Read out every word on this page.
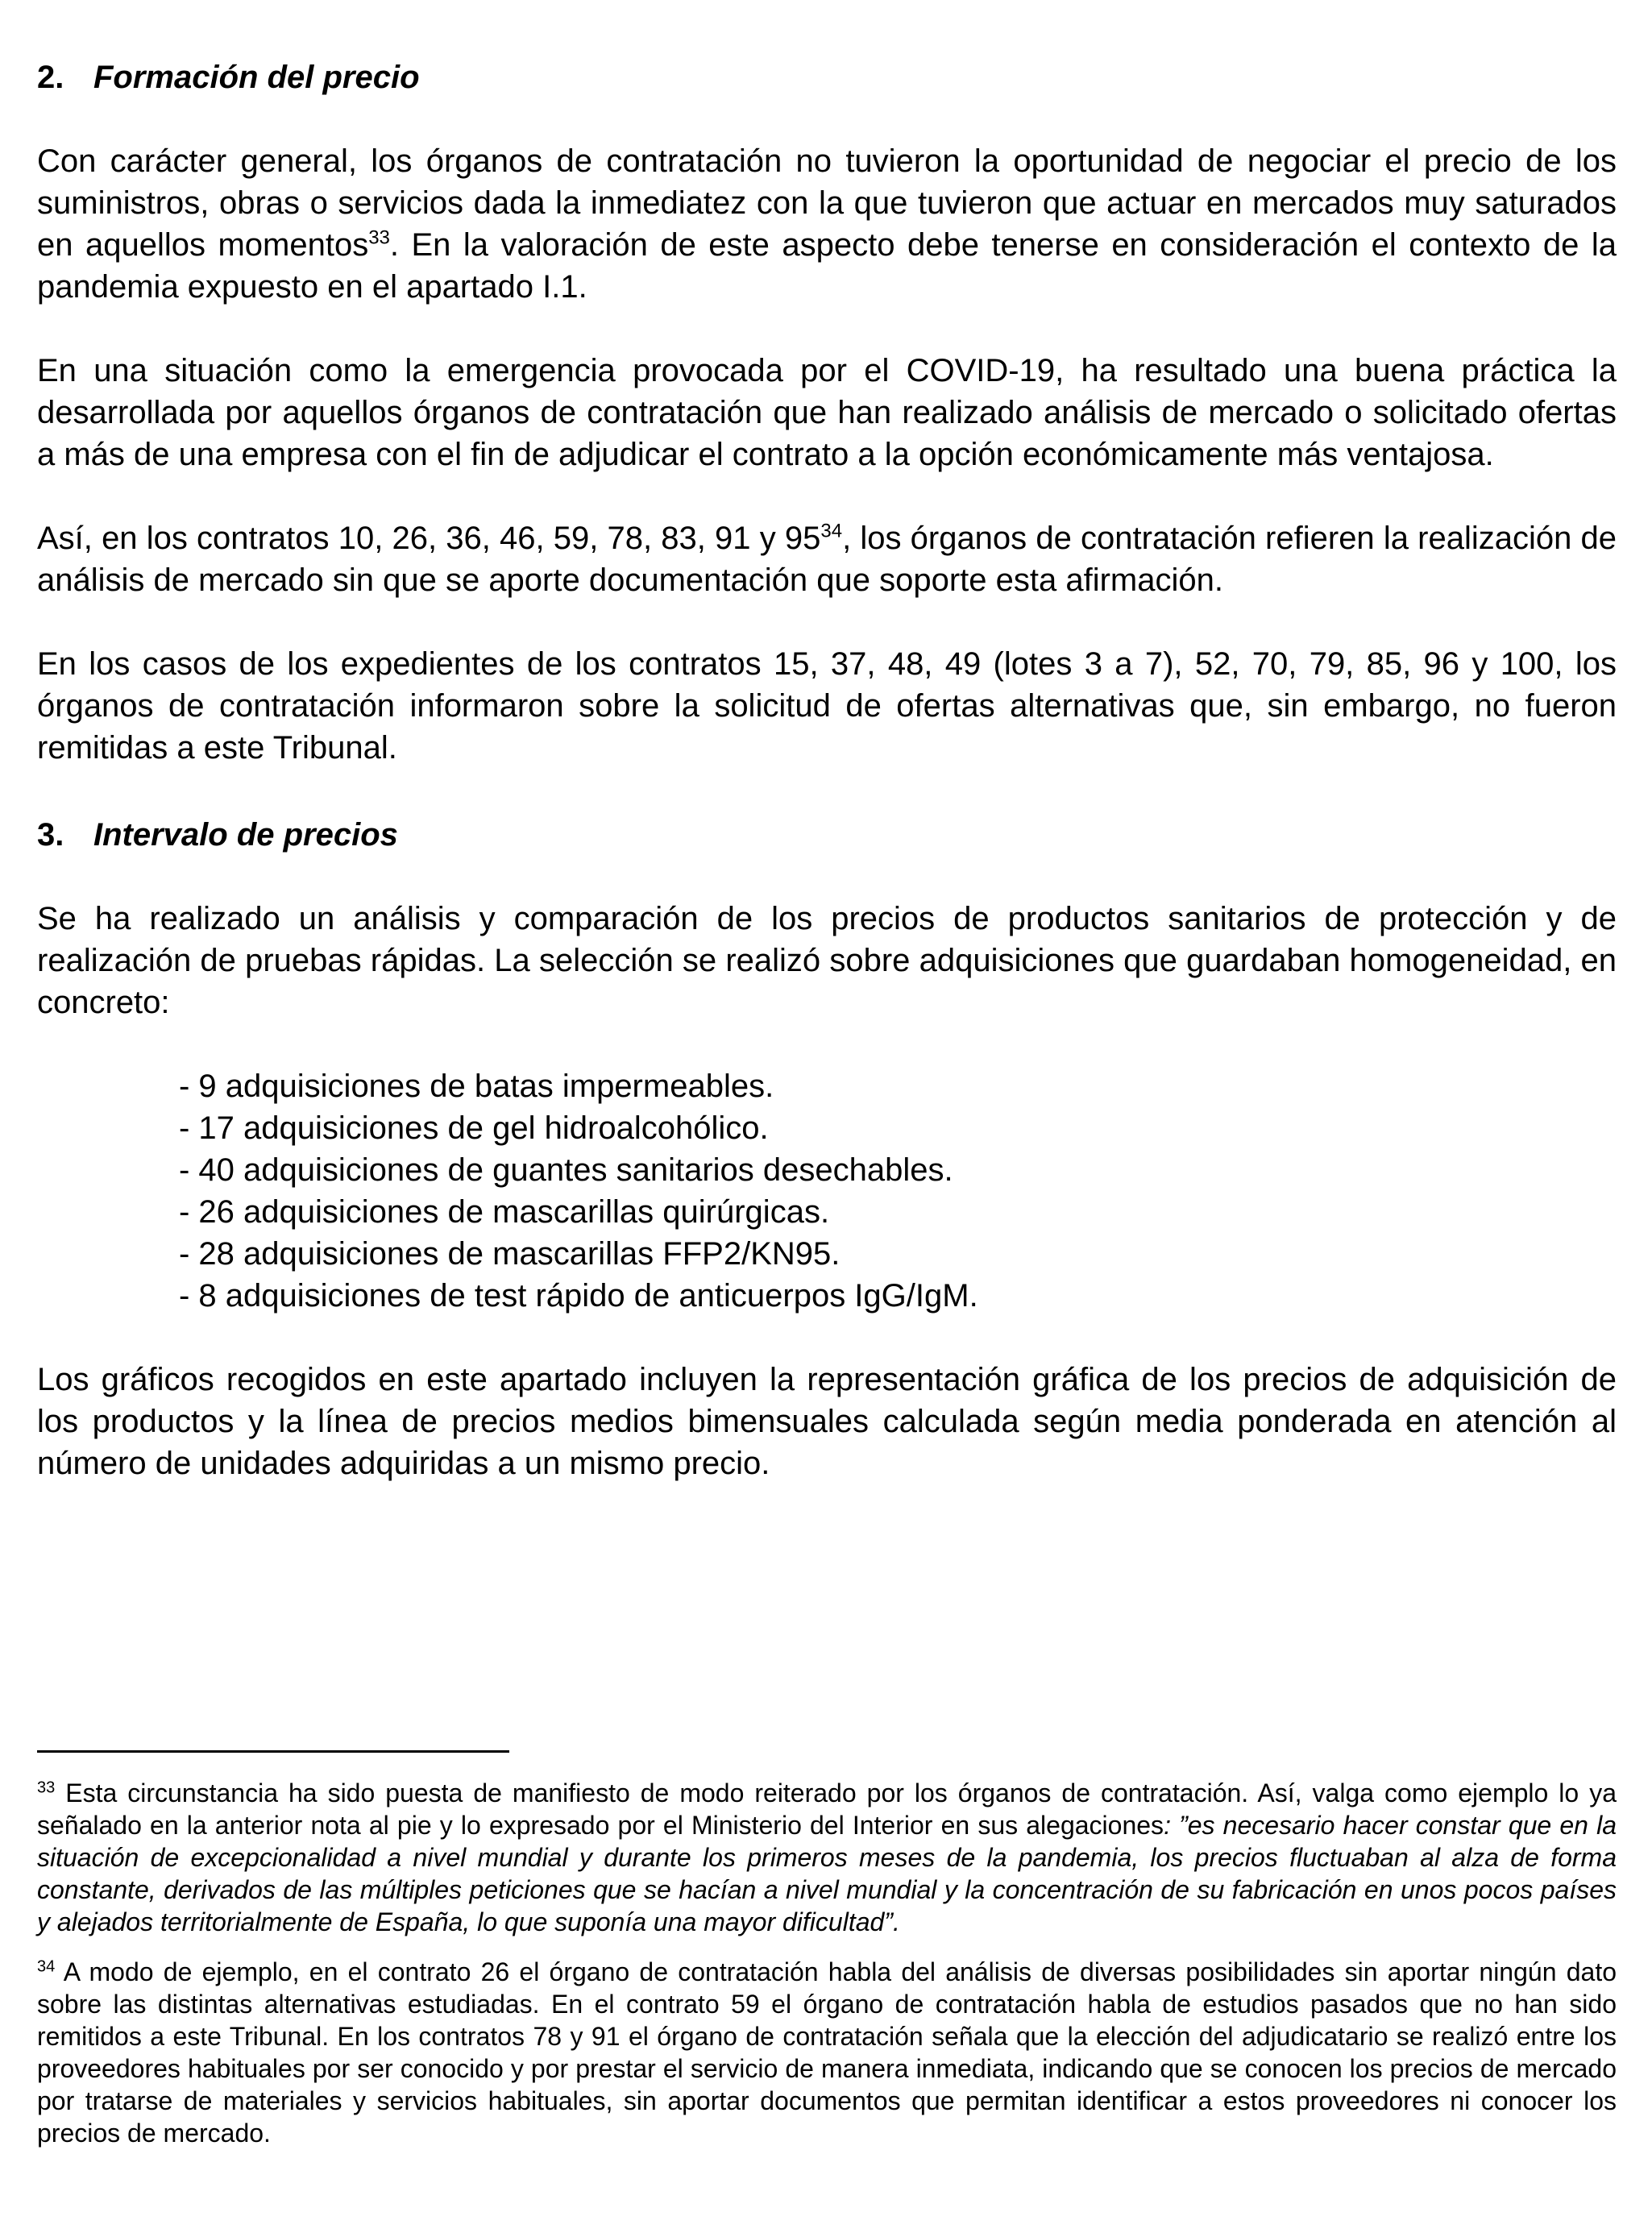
2. Formación del precio

Con carácter general, los órganos de contratación no tuvieron la oportunidad de negociar el precio de los suministros, obras o servicios dada la inmediatez con la que tuvieron que actuar en mercados muy saturados en aquellos momentos$^{33}$. En la valoración de este aspecto debe tenerse en consideración el contexto de la pandemia expuesto en el apartado I.1.

En una situación como la emergencia provocada por el COVID-19, ha resultado una buena práctica la desarrollada por aquellos órganos de contratación que han realizado análisis de mercado o solicitado ofertas a más de una empresa con el fin de adjudicar el contrato a la opción económicamente más ventajosa.

Así, en los contratos 10, 26, 36, 46, 59, 78, 83, 91 y $95^{34}$, los órganos de contratación refieren la realización de análisis de mercado sin que se aporte documentación que soporte esta afirmación.

En los casos de los expedientes de los contratos 15, 37, 48, 49 (lotes 3 a 7), 52, 70, 79, 85, 96 y 100, los órganos de contratación informaron sobre la solicitud de ofertas alternativas que, sin embargo, no fueron remitidas a este Tribunal.

3. Intervalo de precios

Se ha realizado un análisis y comparación de los precios de productos sanitarios de protección y de realización de pruebas rápidas. La selección se realizó sobre adquisiciones que guardaban homogeneidad, en concreto:

- 9 adquisiciones de batas impermeables.
- 17 adquisiciones de gel hidroalcohólico.
- 40 adquisiciones de guantes sanitarios desechables.
- 26 adquisiciones de mascarillas quirúrgicas.
- 28 adquisiciones de mascarillas FFP2/KN95.
- 8 adquisiciones de test rápido de anticuerpos IgG/IgM.

Los gráficos recogidos en este apartado incluyen la representación gráfica de los precios de adquisición de los productos y la línea de precios medios bimensuales calculada según media ponderada en atención al número de unidades adquiridas a un mismo precio.

$^{33}$ Esta circunstancia ha sido puesta de manifiesto de modo reiterado por los órganos de contratación. Así, valga como ejemplo lo ya señalado en la anterior nota al pie y lo expresado por el Ministerio del Interior en sus alegaciones: ”es necesario hacer constar que en la situación de excepcionalidad a nivel mundial y durante los primeros meses de la pandemia, los precios fluctuaban al alza de forma constante, derivados de las múltiples peticiones que se hacían a nivel mundial y la concentración de su fabricación en unos pocos países y alejados territorialmente de España, lo que suponía una mayor dificultad”.

$^{34}$ A modo de ejemplo, en el contrato 26 el órgano de contratación habla del análisis de diversas posibilidades sin aportar ningún dato sobre las distintas alternativas estudiadas. En el contrato 59 el órgano de contratación habla de estudios pasados que no han sido remitidos a este Tribunal. En los contratos 78 y 91 el órgano de contratación señala que la elección del adjudicatario se realizó entre los proveedores habituales por ser conocido y por prestar el servicio de manera inmediata, indicando que se conocen los precios de mercado por tratarse de materiales y servicios habituales, sin aportar documentos que permitan identificar a estos proveedores ni conocer los precios de mercado.
